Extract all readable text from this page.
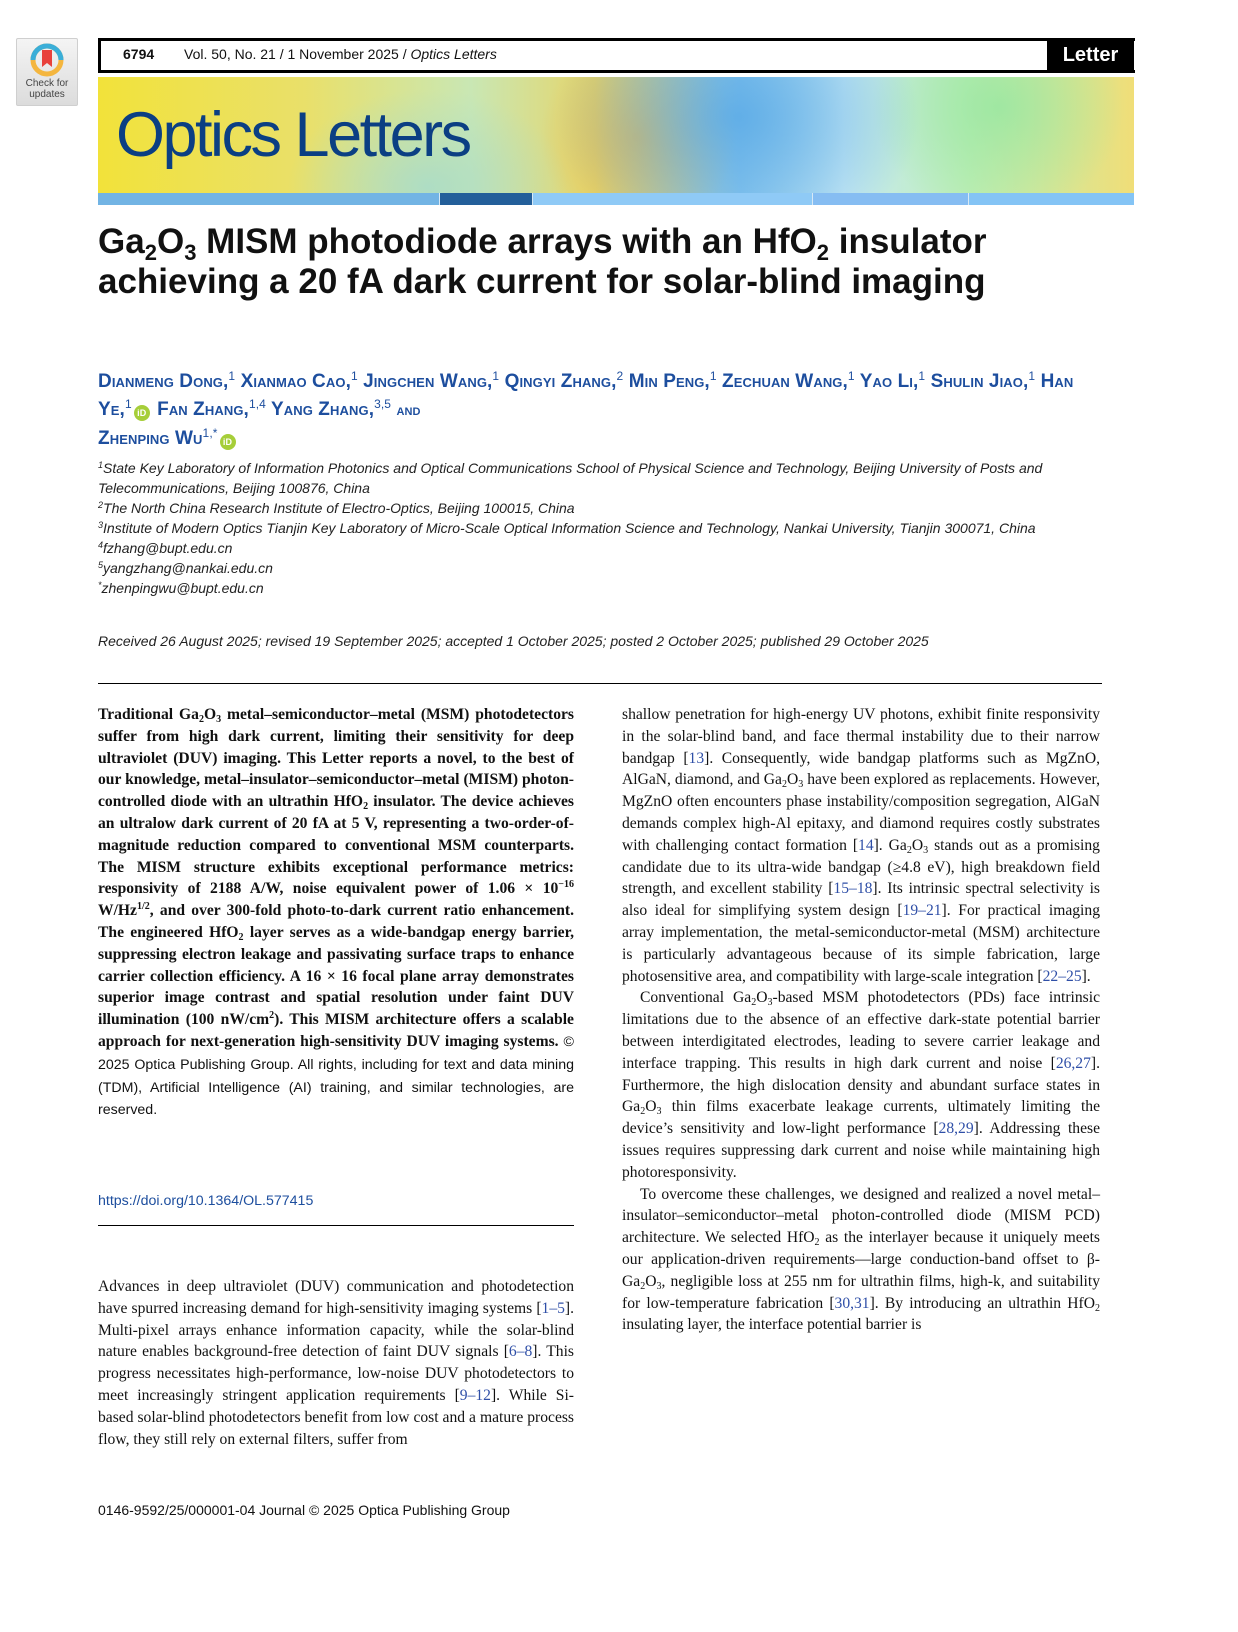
Check for
updates
6794 Vol. 50, No. 21 / 1 November 2025 / Optics Letters	Letter
Optics Letters
$Ga_2O_3$ MISM photodiode arrays with an HfO$_2$ insulator achieving a 20 fA dark current for solar-blind imaging
Dianmeng Dong,$^1$ Xianmao Cao,$^1$ Jingchen Wang,$^1$ Qingyi Zhang,$^2$ Min Peng,$^1$ Zechuan Wang,$^1$ Yao Li,$^1$ Shulin Jiao,$^1$ Han Ye,$^1$iD Fan Zhang,$^{1,4}$ Yang Zhang,$^{3,5}$ and
Zhenping $Wu^{1,*}iD$

$^1$State Key Laboratory of Information Photonics and Optical Communications School of Physical Science and Technology, Beijing University of Posts and Telecommunications, Beijing 100876, China

$^2$The North China Research Institute of Electro-Optics, Beijing 100015, China

$^3$Institute of Modern Optics Tianjin Key Laboratory of Micro-Scale Optical Information Science and Technology, Nankai University, Tianjin 300071, China

$^4$fzhang@bupt.edu.cn

$^5$yangzhang@nankai.edu.cn

*zhenpingwu@bupt.edu.cn

Received 26 August 2025; revised 19 September 2025; accepted 1 October 2025; posted 2 October 2025; published 29 October 2025

Traditional $Ga_2O_3$ metal–semiconductor–metal (MSM) photodetectors suffer from high dark current, limiting their sensitivity for deep ultraviolet (DUV) imaging. This Letter reports a novel, to the best of our knowledge, metal–insulator–semiconductor–metal (MISM) photon-controlled diode with an ultrathin HfO$_2$ insulator. The device achieves an ultralow dark current of 20 fA at 5 V, representing a two-order-of-magnitude reduction compared to conventional MSM counterparts. The MISM structure exhibits exceptional performance metrics: responsivity of 2188 A/W, noise equivalent power of $1.06 \times 10^{-16}$ $W/Hz^{1/2}$, and over 300-fold photo-to-dark current ratio enhancement. The engineered HfO$_2$ layer serves as a wide-bandgap energy barrier, suppressing electron leakage and passivating surface traps to enhance carrier collection efficiency. A 16 × 16 focal plane array demonstrates superior image contrast and spatial resolution under faint DUV illumination (100 $nW/cm^2$). This MISM architecture offers a scalable approach for next-generation high-sensitivity DUV imaging systems. © 2025 Optica Publishing Group. All rights, including for text and data mining (TDM), Artificial Intelligence (AI) training, and similar technologies, are reserved.

https://doi.org/10.1364/OL.577415

Advances in deep ultraviolet (DUV) communication and photodetection have spurred increasing demand for high-sensitivity imaging systems [1–5]. Multi-pixel arrays enhance information capacity, while the solar-blind nature enables background-free detection of faint DUV signals [6–8]. This progress necessitates high-performance, low-noise DUV photodetectors to meet increasingly stringent application requirements [9–12]. While Si-based solar-blind photodetectors benefit from low cost and a mature process flow, they still rely on external filters, suffer from

shallow penetration for high-energy UV photons, exhibit finite responsivity in the solar-blind band, and face thermal instability due to their narrow bandgap [13]. Consequently, wide bandgap platforms such as MgZnO, AlGaN, diamond, and $Ga_2O_3$ have been explored as replacements. However, MgZnO often encounters phase instability/composition segregation, AlGaN demands complex high-Al epitaxy, and diamond requires costly substrates with challenging contact formation [14]. $Ga_2O_3$ stands out as a promising candidate due to its ultra-wide bandgap (≥4.8 eV), high breakdown field strength, and excellent stability [15–18]. Its intrinsic spectral selectivity is also ideal for simplifying system design [19–21]. For practical imaging array implementation, the metal-semiconductor-metal (MSM) architecture is particularly advantageous because of its simple fabrication, large photosensitive area, and compatibility with large-scale integration [22–25].

Conventional $Ga_2O_3$-based MSM photodetectors (PDs) face intrinsic limitations due to the absence of an effective dark-state potential barrier between interdigitated electrodes, leading to severe carrier leakage and interface trapping. This results in high dark current and noise [26,27]. Furthermore, the high dislocation density and abundant surface states in $Ga_2O_3$ thin films exacerbate leakage currents, ultimately limiting the device’s sensitivity and low-light performance [28,29]. Addressing these issues requires suppressing dark current and noise while maintaining high photoresponsivity.

To overcome these challenges, we designed and realized a novel metal–insulator–semiconductor–metal photon-controlled diode (MISM PCD) architecture. We selected HfO$_2$ as the interlayer because it uniquely meets our application-driven requirements—large conduction-band offset to $\beta-Ga_2O_3$, negligible loss at 255 nm for ultrathin films, high-k, and suitability for low-temperature fabrication [30,31]. By introducing an ultrathin HfO$_2$ insulating layer, the interface potential barrier is

0146-9592/25/000001-04 Journal © 2025 Optica Publishing Group
